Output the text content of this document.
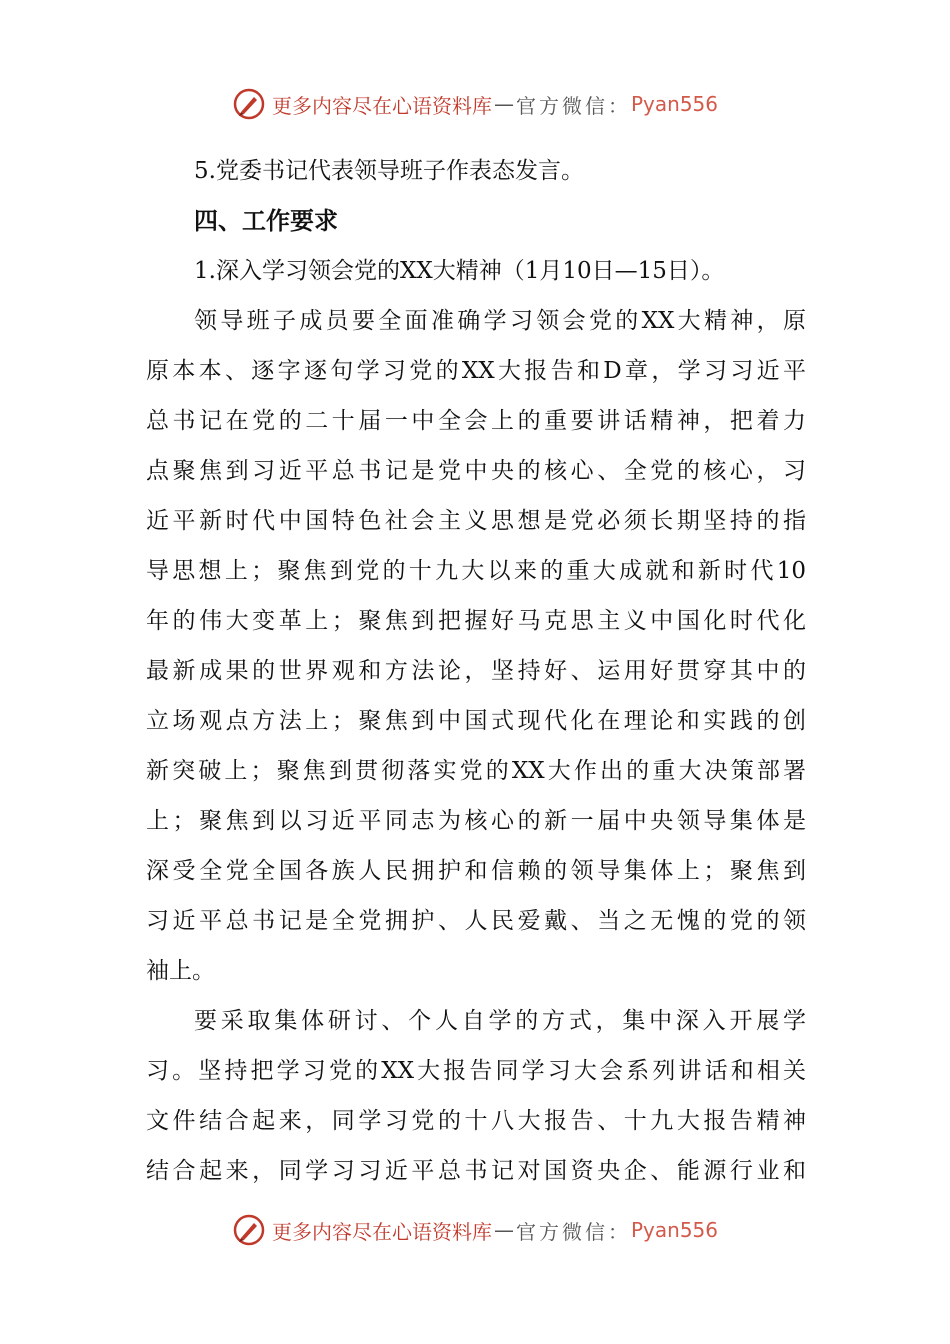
更多内容尽在心语资料库 — 官方微信： Pyan556
5.党委书记代表领导班子作表态发言。
四、工作要求
1.深入学习领会党的XX大精神（1月10日—15日）。
领导班子成员要全面准确学习领会党的XX大精神，原
原本本、逐字逐句学习党的XX大报告和D章，学习习近平
总书记在党的二十届一中全会上的重要讲话精神，把着力
点聚焦到习近平总书记是党中央的核心、全党的核心，习
近平新时代中国特色社会主义思想是党必须长期坚持的指
导思想上；聚焦到党的十九大以来的重大成就和新时代10
年的伟大变革上；聚焦到把握好马克思主义中国化时代化
最新成果的世界观和方法论，坚持好、运用好贯穿其中的
立场观点方法上；聚焦到中国式现代化在理论和实践的创
新突破上；聚焦到贯彻落实党的XX大作出的重大决策部署
上；聚焦到以习近平同志为核心的新一届中央领导集体是
深受全党全国各族人民拥护和信赖的领导集体上；聚焦到
习近平总书记是全党拥护、人民爱戴、当之无愧的党的领
袖上。
要采取集体研讨、个人自学的方式，集中深入开展学
习。坚持把学习党的XX大报告同学习大会系列讲话和相关
文件结合起来，同学习党的十八大报告、十九大报告精神
结合起来，同学习习近平总书记对国资央企、能源行业和
更多内容尽在心语资料库 — 官方微信： Pyan556
